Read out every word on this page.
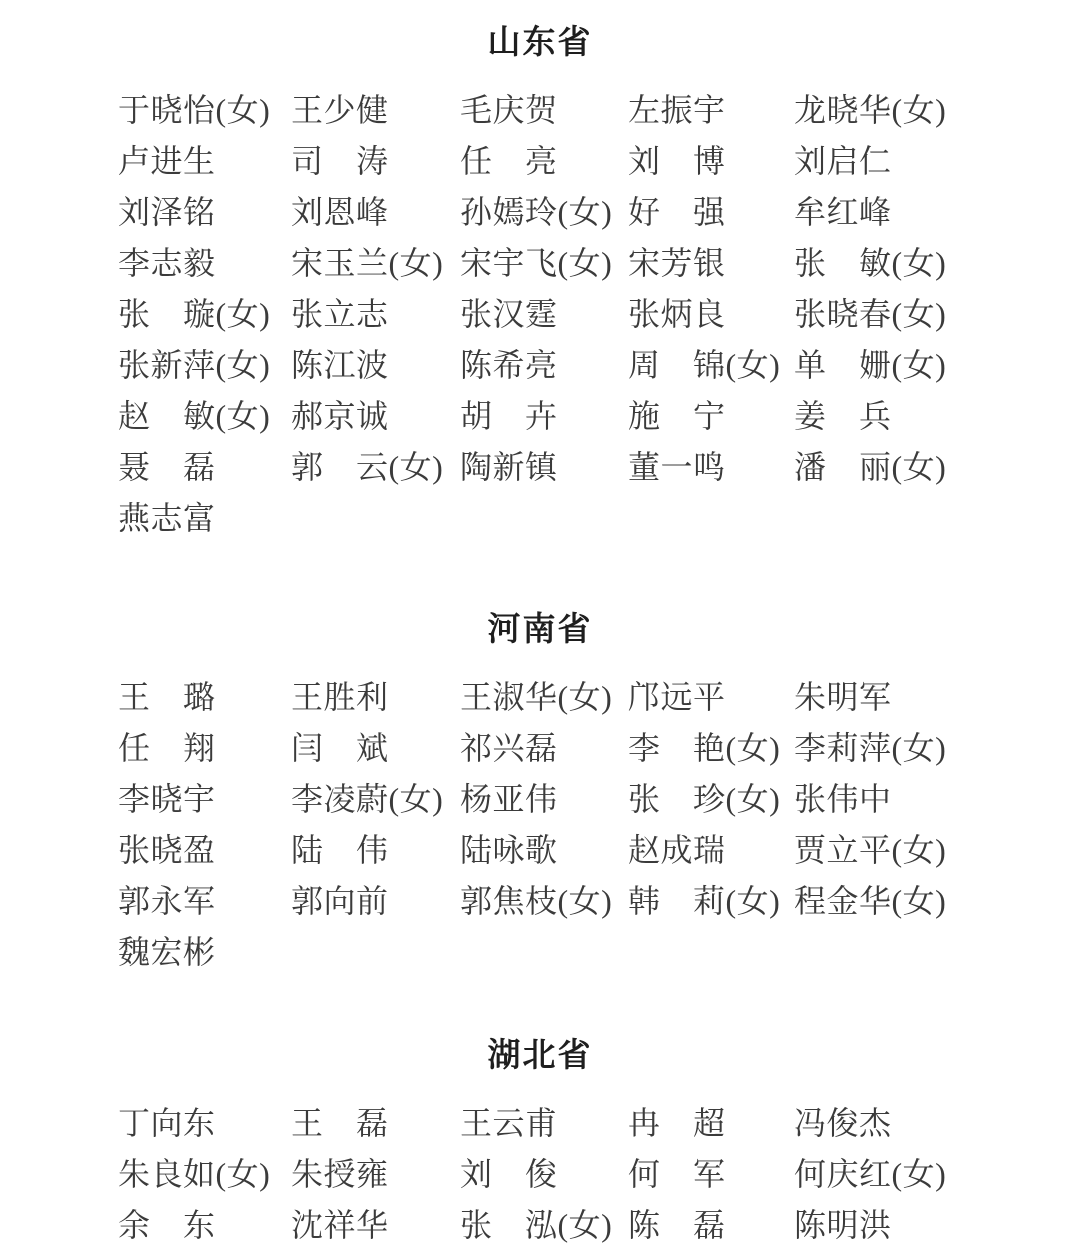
山东省
于晓怡(女) 王少健	毛庆贺	左振宇	龙晓华(女)
卢进生	司　涛	任　亮	刘　博	刘启仁
刘泽铭	刘恩峰	孙嫣玲(女) 好　强	牟红峰
李志毅	宋玉兰(女) 宋宇飞(女) 宋芳银	张　敏(女)
张　璇(女) 张立志	张汉霆	张炳良	张晓春(女)
张新萍(女) 陈江波	陈希亮	周　锦(女) 单　姗(女)
赵　敏(女) 郝京诚	胡　卉	施　宁	姜　兵
聂　磊	郭　云(女) 陶新镇	董一鸣	潘　丽(女)
燕志富
河南省
王　璐	王胜利	王淑华(女) 邝远平	朱明军
任　翔	闫　斌	祁兴磊	李　艳(女) 李莉萍(女)
李晓宇	李凌蔚(女) 杨亚伟	张　珍(女) 张伟中
张晓盈	陆　伟	陆咏歌	赵成瑞	贾立平(女)
郭永军	郭向前	郭焦枝(女) 韩　莉(女) 程金华(女)
魏宏彬
湖北省
丁向东	王　磊	王云甫	冉　超	冯俊杰
朱良如(女) 朱授雍	刘　俊	何　军	何庆红(女)
余　东	沈祥华	张　泓(女) 陈　磊	陈明洪
